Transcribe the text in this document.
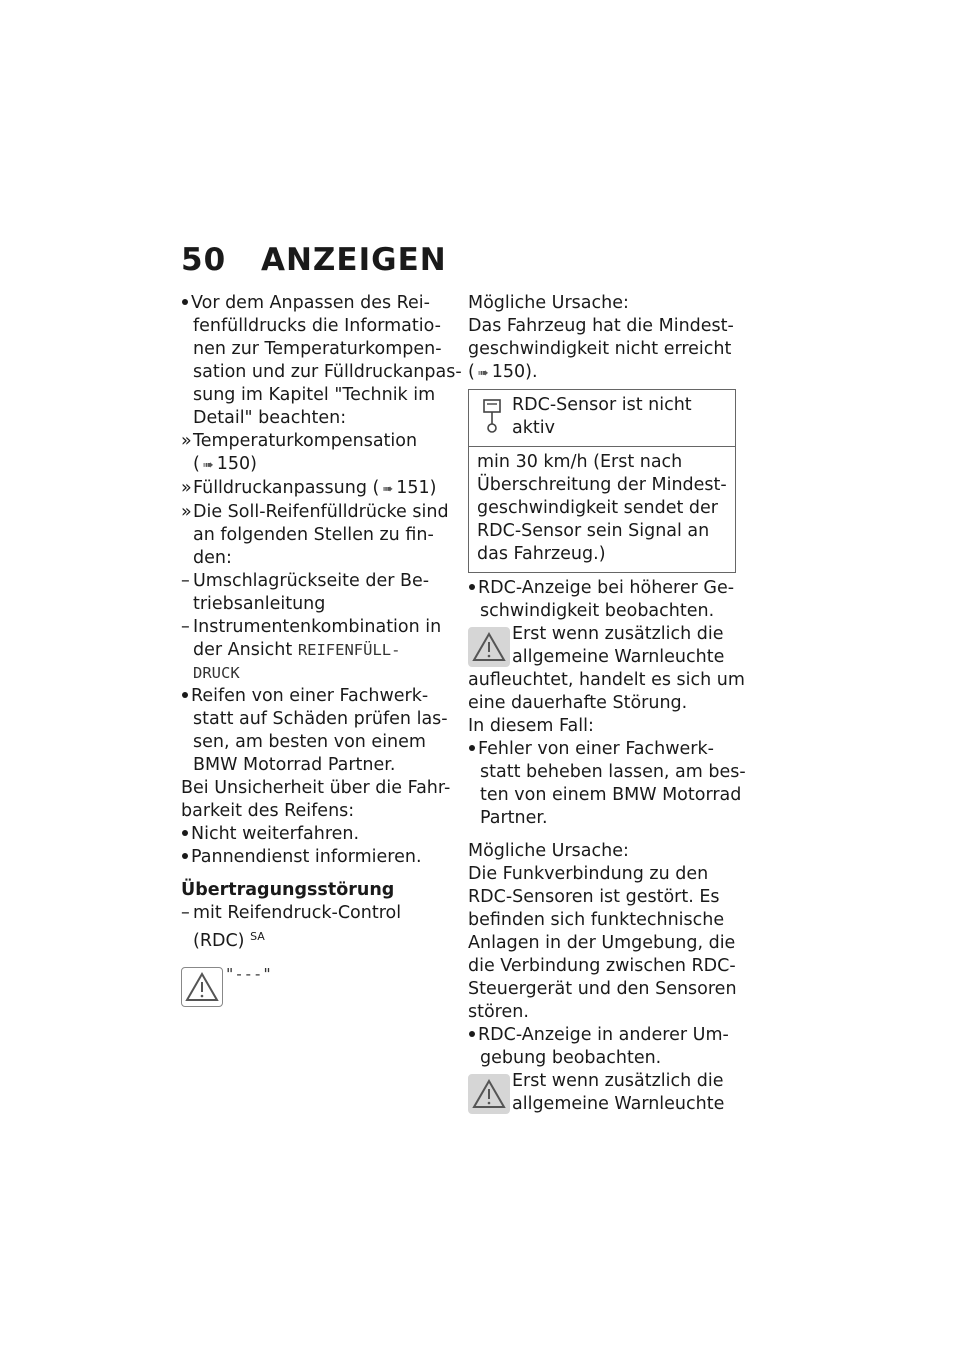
50 ANZEIGEN
Vor dem Anpassen des Rei-
fenfülldrucks die Informatio-
nen zur Temperaturkompen-
sation und zur Fülldruckanpas-
sung im Kapitel "Technik im
Detail" beachten:
»Temperaturkompensation
( ➠ 150)
»Fülldruckanpassung ( ➠ 151)
»Die Soll-Reifenfülldrücke sind
an folgenden Stellen zu fin-
den:
– Umschlagrückseite der Be-
triebsanleitung
– Instrumentenkombination in
der Ansicht REIFENFÜLL-
DRUCK
Reifen von einer Fachwerk-
statt auf Schäden prüfen las-
sen, am besten von einem
BMW Motorrad Partner.
Bei Unsicherheit über die Fahr-
barkeit des Reifens:
Nicht weiterfahren.
Pannendienst informieren.
Übertragungsstörung
– mit Reifendruck-Control
(RDC) $^{SA}$
"---"
Mögliche Ursache:
Das Fahrzeug hat die Mindest-
geschwindigkeit nicht erreicht
( ➠ 150).
RDC-Sensor ist nicht
aktiv
min 30 km/h (Erst nach
Überschreitung der Mindest-
geschwindigkeit sendet der
RDC-Sensor sein Signal an
das Fahrzeug.)
RDC-Anzeige bei höherer Ge-
schwindigkeit beobachten.
Erst wenn zusätzlich die
allgemeine Warnleuchte
aufleuchtet, handelt es sich um
eine dauerhafte Störung.
In diesem Fall:
Fehler von einer Fachwerk-
statt beheben lassen, am bes-
ten von einem BMW Motorrad
Partner.
Mögliche Ursache:
Die Funkverbindung zu den
RDC-Sensoren ist gestört. Es
befinden sich funktechnische
Anlagen in der Umgebung, die
die Verbindung zwischen RDC-
Steuergerät und den Sensoren
stören.
RDC-Anzeige in anderer Um-
gebung beobachten.
Erst wenn zusätzlich die
allgemeine Warnleuchte
